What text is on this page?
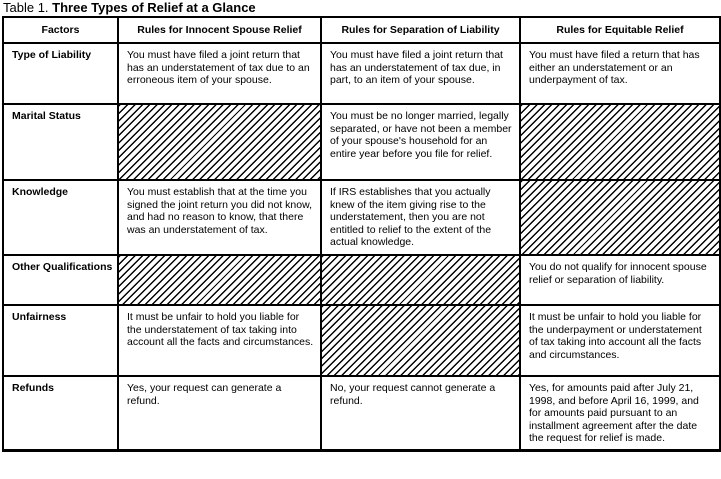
Table 1. Three Types of Relief at a Glance
Factors	Rules for Innocent Spouse Relief	Rules for Separation of Liability	Rules for Equitable Relief
Type of Liability	You must have filed a joint return that has an understatement of tax due to an erroneous item of your spouse.	You must have filed a joint return that has an understatement of tax due, in part, to an item of your spouse.	You must have filed a return that has either an understatement or an underpayment of tax.
Marital Status		You must be no longer married, legally separated, or have not been a member of your spouse's household for an entire year before you file for relief.	
Knowledge	You must establish that at the time you signed the joint return you did not know, and had no reason to know, that there was an understatement of tax.	If IRS establishes that you actually knew of the item giving rise to the understatement, then you are not entitled to relief to the extent of the actual knowledge.	
Other Qualifications			You do not qualify for innocent spouse relief or separation of liability.
Unfairness	It must be unfair to hold you liable for the understatement of tax taking into account all the facts and circumstances.		It must be unfair to hold you liable for the underpayment or understatement of tax taking into account all the facts and circumstances.
Refunds	Yes, your request can generate a refund.	No, your request cannot generate a refund.	Yes, for amounts paid after July 21, 1998, and before April 16, 1999, and for amounts paid pursuant to an installment agreement after the date the request for relief is made.
